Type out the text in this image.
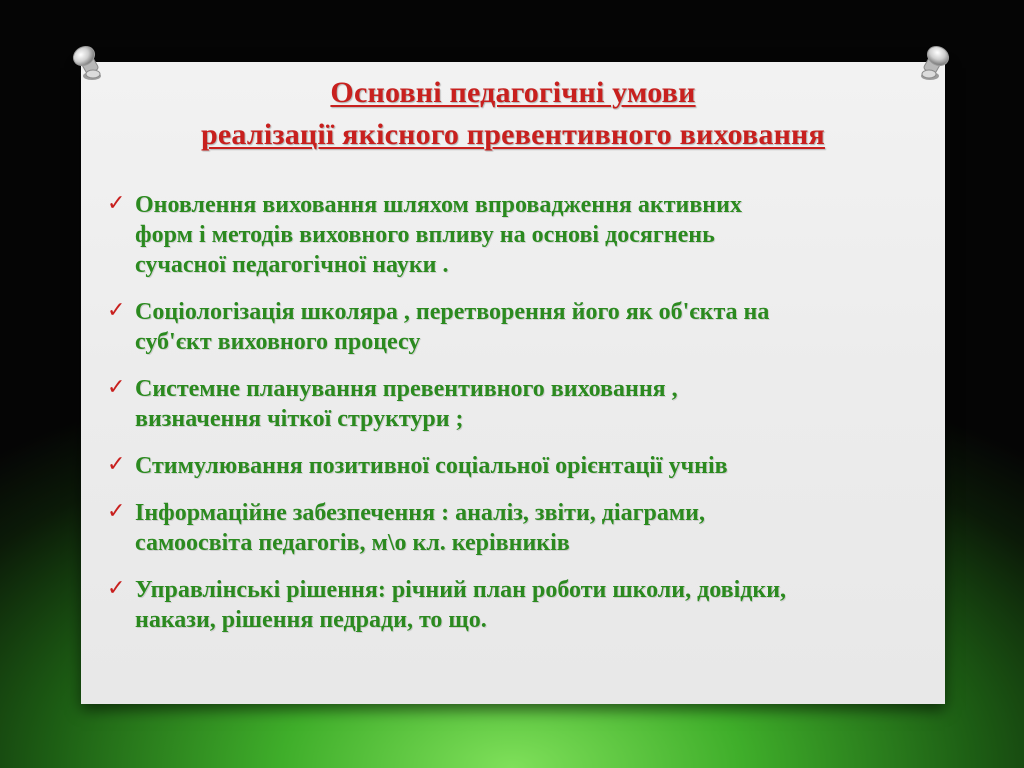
Основні педагогічні умови
реалізації якісного превентивного виховання
✓ Оновлення виховання шляхом впровадження активних
форм і методів виховного впливу на основі досягнень
сучасної педагогічної науки .
✓ Соціологізація школяра , перетворення його як об'єкта на
суб'єкт виховного процесу
✓ Системне планування превентивного виховання ,
визначення чіткої структури ;
✓ Стимулювання позитивної соціальної орієнтації учнів
✓ Інформаційне забезпечення : аналіз, звіти, діаграми,
самоосвіта педагогів, м\о кл. керівників
✓ Управлінські рішення: річний план роботи школи, довідки,
накази, рішення педради, то що.
